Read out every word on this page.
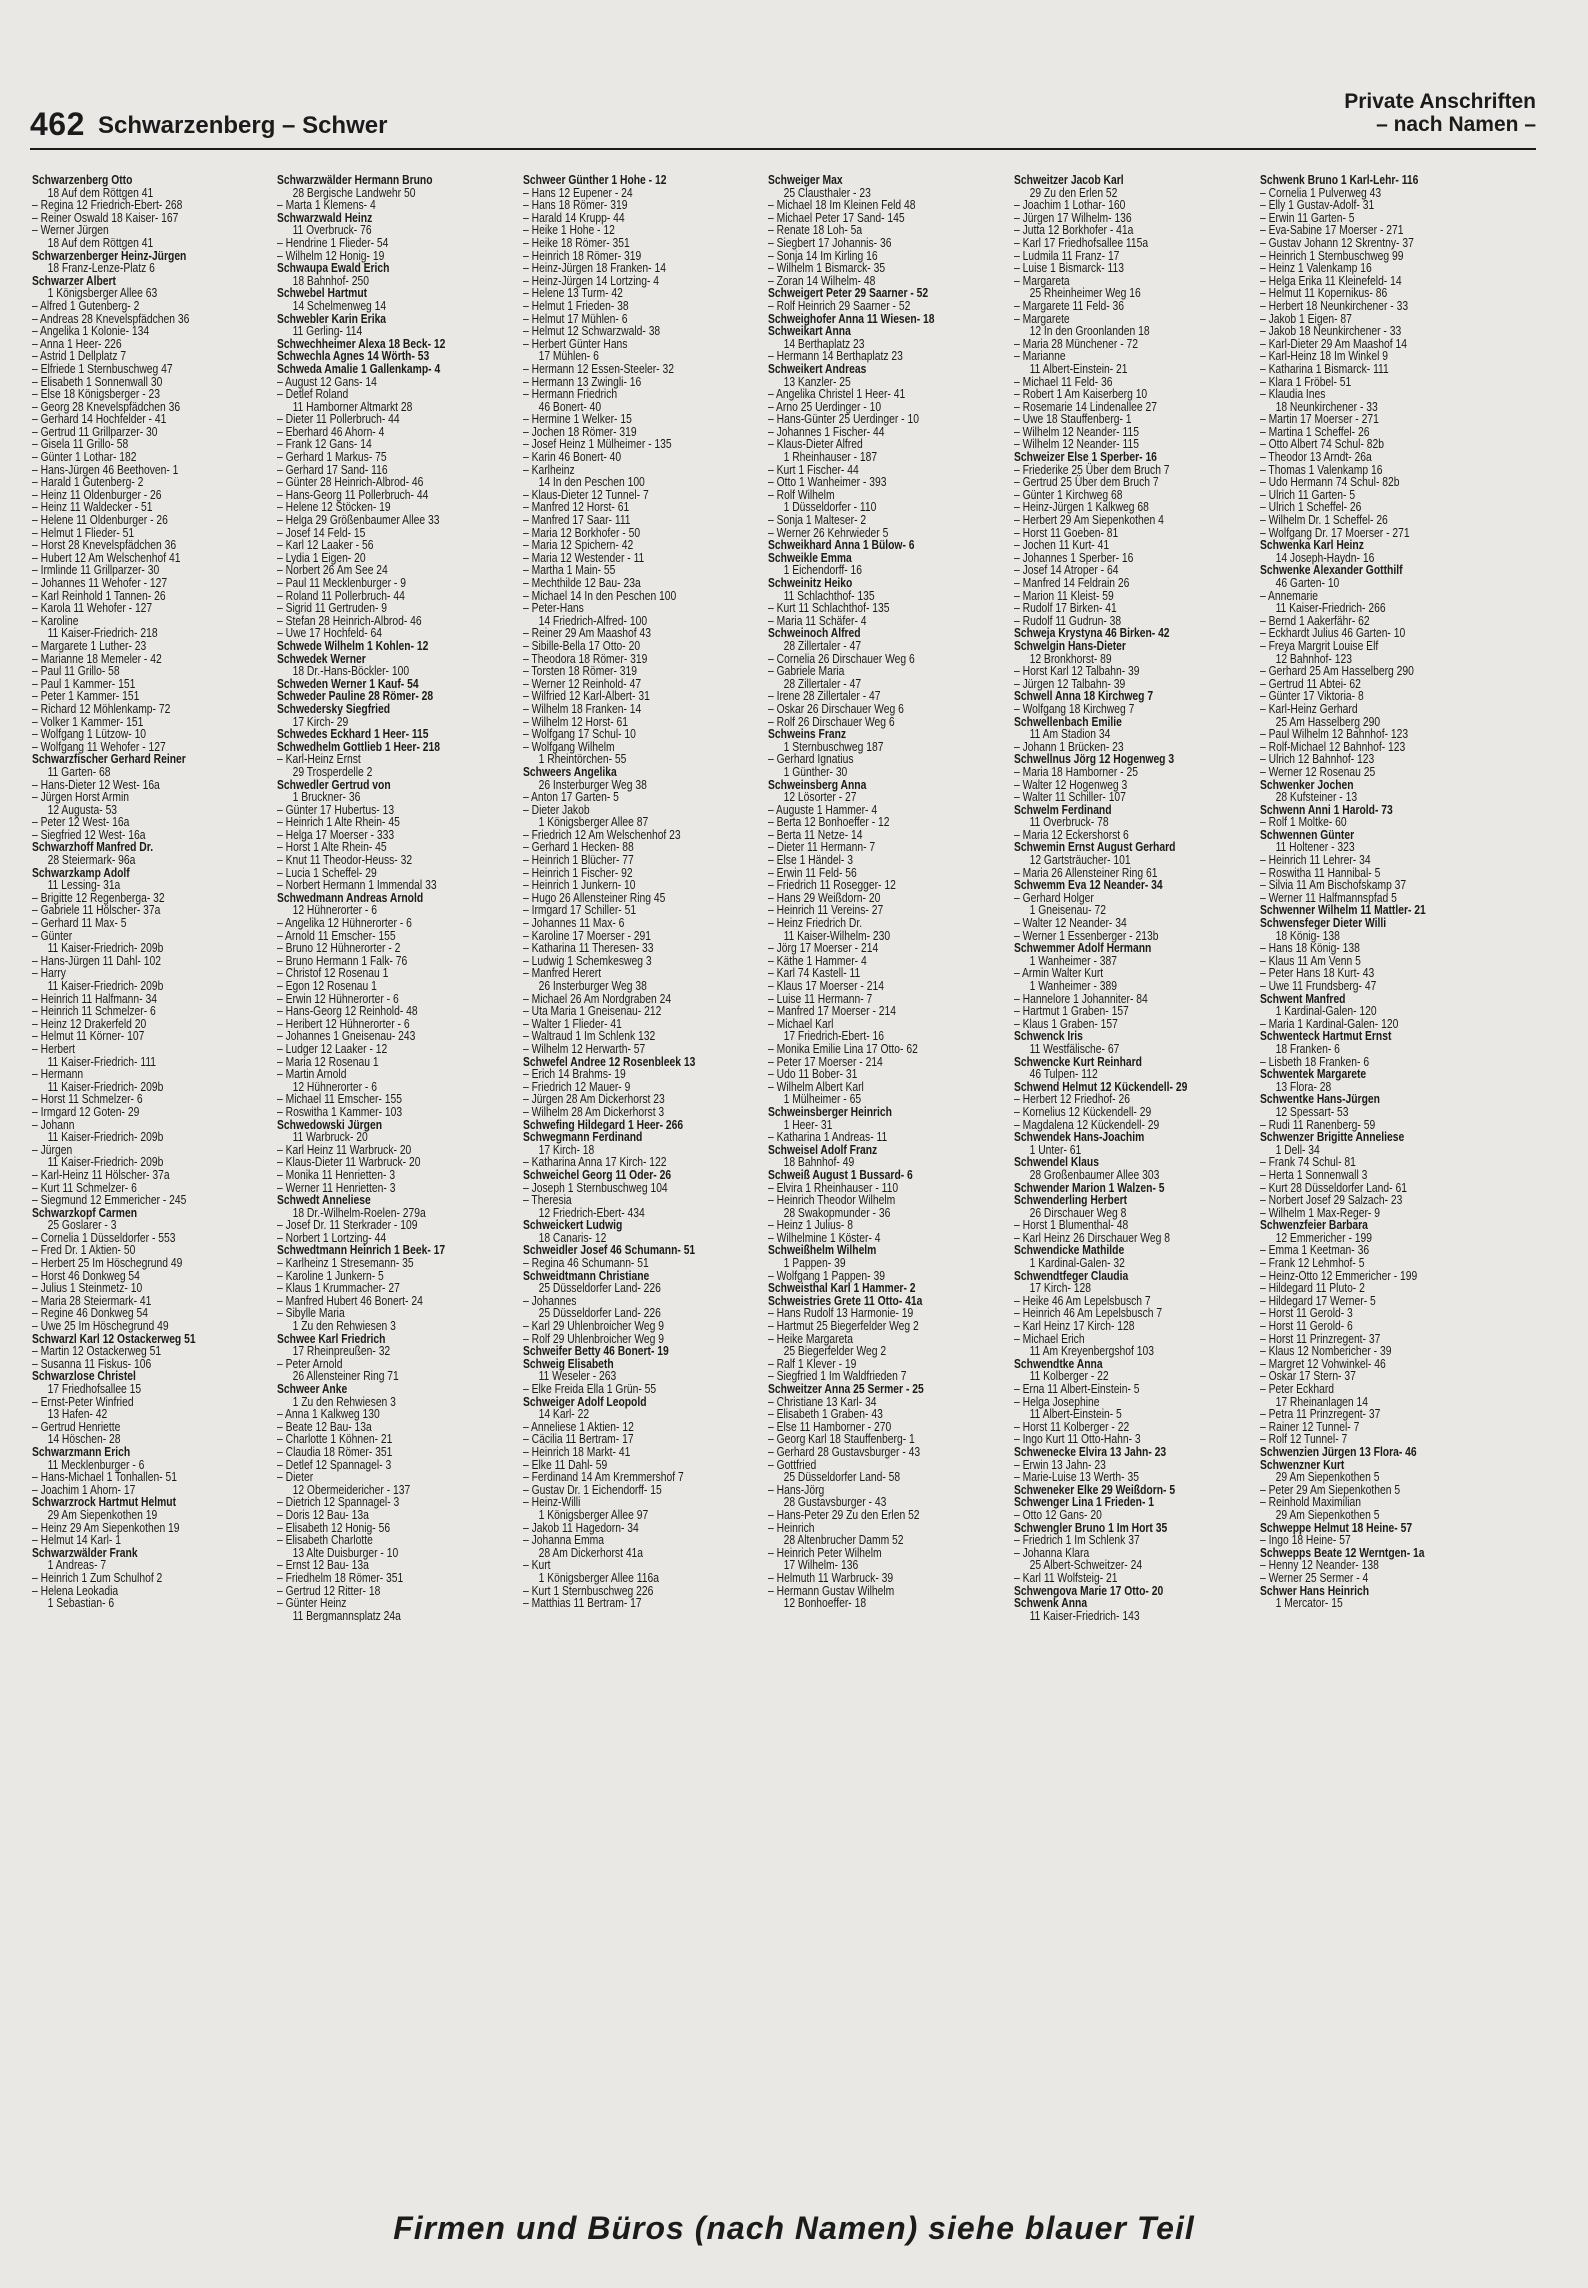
462 Schwarzenberg – Schwer
Private Anschriften
– nach Namen –
Schwarzenberg Otto
18 Auf dem Röttgen 41
– Regina 12 Friedrich-Ebert- 268
– Reiner Oswald 18 Kaiser- 167
– Werner Jürgen
18 Auf dem Röttgen 41
Schwarzenberger Heinz-Jürgen
18 Franz-Lenze-Platz 6
Schwarzer Albert
1 Königsberger Allee 63
– Alfred 1 Gutenberg- 2
– Andreas 28 Knevelspfädchen 36
– Angelika 1 Kolonie- 134
– Anna 1 Heer- 226
– Astrid 1 Dellplatz 7
– Elfriede 1 Sternbuschweg 47
– Elisabeth 1 Sonnenwall 30
– Else 18 Königsberger - 23
– Georg 28 Knevelspfädchen 36
– Gerhard 14 Hochfelder - 41
– Gertrud 11 Grillparzer- 30
– Gisela 11 Grillo- 58
– Günter 1 Lothar- 182
– Hans-Jürgen 46 Beethoven- 1
– Harald 1 Gutenberg- 2
– Heinz 11 Oldenburger - 26
– Heinz 11 Waldecker - 51
– Helene 11 Oldenburger - 26
– Helmut 1 Flieder- 51
– Horst 28 Knevelspfädchen 36
– Hubert 12 Am Welschenhof 41
– Irmlinde 11 Grillparzer- 30
– Johannes 11 Wehofer - 127
– Karl Reinhold 1 Tannen- 26
– Karola 11 Wehofer - 127
– Karoline
11 Kaiser-Friedrich- 218
– Margarete 1 Luther- 23
– Marianne 18 Memeler - 42
– Paul 11 Grillo- 58
– Paul 1 Kammer- 151
– Peter 1 Kammer- 151
– Richard 12 Möhlenkamp- 72
– Volker 1 Kammer- 151
– Wolfgang 1 Lützow- 10
– Wolfgang 11 Wehofer - 127
Schwarzfischer Gerhard Reiner
11 Garten- 68
– Hans-Dieter 12 West- 16a
– Jürgen Horst Armin
12 Augusta- 53
– Peter 12 West- 16a
– Siegfried 12 West- 16a
Schwarzhoff Manfred Dr.
28 Steiermark- 96a
Schwarzkamp Adolf
11 Lessing- 31a
– Brigitte 12 Regenberga- 32
– Gabriele 11 Hölscher- 37a
– Gerhard 11 Max- 5
– Günter
11 Kaiser-Friedrich- 209b
– Hans-Jürgen 11 Dahl- 102
– Harry
11 Kaiser-Friedrich- 209b
– Heinrich 11 Halfmann- 34
– Heinrich 11 Schmelzer- 6
– Heinz 12 Drakerfeld 20
– Helmut 11 Körner- 107
– Herbert
11 Kaiser-Friedrich- 111
– Hermann
11 Kaiser-Friedrich- 209b
– Horst 11 Schmelzer- 6
– Irmgard 12 Goten- 29
– Johann
11 Kaiser-Friedrich- 209b
– Jürgen
11 Kaiser-Friedrich- 209b
– Karl-Heinz 11 Hölscher- 37a
– Kurt 11 Schmelzer- 6
– Siegmund 12 Emmericher - 245
Schwarzkopf Carmen
25 Goslarer - 3
– Cornelia 1 Düsseldorfer - 553
– Fred Dr. 1 Aktien- 50
– Herbert 25 Im Höschegrund 49
– Horst 46 Donkweg 54
– Julius 1 Steinmetz- 10
– Maria 28 Steiermark- 41
– Regine 46 Donkweg 54
– Uwe 25 Im Höschegrund 49
Schwarzl Karl 12 Ostackerweg 51
– Martin 12 Ostackerweg 51
– Susanna 11 Fiskus- 106
Schwarzlose Christel
17 Friedhofsallee 15
– Ernst-Peter Winfried
13 Hafen- 42
– Gertrud Henriette
14 Höschen- 28
Schwarzmann Erich
11 Mecklenburger - 6
– Hans-Michael 1 Tonhallen- 51
– Joachim 1 Ahorn- 17
Schwarzrock Hartmut Helmut
29 Am Siepenkothen 19
– Heinz 29 Am Siepenkothen 19
– Helmut 14 Karl- 1
Schwarzwälder Frank
1 Andreas- 7
– Heinrich 1 Zum Schulhof 2
– Helena Leokadia
1 Sebastian- 6
Schwarzwälder Hermann Bruno
28 Bergische Landwehr 50
– Marta 1 Klemens- 4
Schwarzwald Heinz
11 Overbruck- 76
– Hendrine 1 Flieder- 54
– Wilhelm 12 Honig- 19
Schwaupa Ewald Erich
18 Bahnhof- 250
Schwebel Hartmut
14 Schelmenweg 14
Schwebler Karin Erika
11 Gerling- 114
Schwechheimer Alexa 18 Beck- 12
Schwechla Agnes 14 Wörth- 53
Schweda Amalie 1 Gallenkamp- 4
– August 12 Gans- 14
– Detlef Roland
11 Hamborner Altmarkt 28
– Dieter 11 Pollerbruch- 44
– Eberhard 46 Ahorn- 4
– Frank 12 Gans- 14
– Gerhard 1 Markus- 75
– Gerhard 17 Sand- 116
– Günter 28 Heinrich-Albrod- 46
– Hans-Georg 11 Pollerbruch- 44
– Helene 12 Stöcken- 19
– Helga 29 Größenbaumer Allee 33
– Josef 14 Feld- 15
– Karl 12 Laaker - 56
– Lydia 1 Eigen- 20
– Norbert 26 Am See 24
– Paul 11 Mecklenburger - 9
– Roland 11 Pollerbruch- 44
– Sigrid 11 Gertruden- 9
– Stefan 28 Heinrich-Albrod- 46
– Uwe 17 Hochfeld- 64
Schwede Wilhelm 1 Kohlen- 12
Schwedek Werner
18 Dr.-Hans-Böckler- 100
Schweden Werner 1 Kauf- 54
Schweder Pauline 28 Römer- 28
Schwedersky Siegfried
17 Kirch- 29
Schwedes Eckhard 1 Heer- 115
Schwedhelm Gottlieb 1 Heer- 218
– Karl-Heinz Ernst
29 Trosperdelle 2
Schwedler Gertrud von
1 Bruckner- 36
– Günter 17 Hubertus- 13
– Heinrich 1 Alte Rhein- 45
– Helga 17 Moerser - 333
– Horst 1 Alte Rhein- 45
– Knut 11 Theodor-Heuss- 32
– Lucia 1 Scheffel- 29
– Norbert Hermann 1 Immendal 33
Schwedmann Andreas Arnold
12 Hühnerorter - 6
– Angelika 12 Hühnerorter - 6
– Arnold 11 Emscher- 155
– Bruno 12 Hühnerorter - 2
– Bruno Hermann 1 Falk- 76
– Christof 12 Rosenau 1
– Egon 12 Rosenau 1
– Erwin 12 Hühnerorter - 6
– Hans-Georg 12 Reinhold- 48
– Heribert 12 Hühnerorter - 6
– Johannes 1 Gneisenau- 243
– Ludger 12 Laaker - 12
– Maria 12 Rosenau 1
– Martin Arnold
12 Hühnerorter - 6
– Michael 11 Emscher- 155
– Roswitha 1 Kammer- 103
Schwedowski Jürgen
11 Warbruck- 20
– Karl Heinz 11 Warbruck- 20
– Klaus-Dieter 11 Warbruck- 20
– Monika 11 Henrietten- 3
– Werner 11 Henrietten- 3
Schwedt Anneliese
18 Dr.-Wilhelm-Roelen- 279a
– Josef Dr. 11 Sterkrader - 109
– Norbert 1 Lortzing- 44
Schwedtmann Heinrich 1 Beek- 17
– Karlheinz 1 Stresemann- 35
– Karoline 1 Junkern- 5
– Klaus 1 Krummacher- 27
– Manfred Hubert 46 Bonert- 24
– Sibylle Maria
1 Zu den Rehwiesen 3
Schwee Karl Friedrich
17 Rheinpreußen- 32
– Peter Arnold
26 Allensteiner Ring 71
Schweer Anke
1 Zu den Rehwiesen 3
– Anna 1 Kalkweg 130
– Beate 12 Bau- 13a
– Charlotte 1 Köhnen- 21
– Claudia 18 Römer- 351
– Detlef 12 Spannagel- 3
– Dieter
12 Obermeidericher - 137
– Dietrich 12 Spannagel- 3
– Doris 12 Bau- 13a
– Elisabeth 12 Honig- 56
– Elisabeth Charlotte
13 Alte Duisburger - 10
– Ernst 12 Bau- 13a
– Friedhelm 18 Römer- 351
– Gertrud 12 Ritter- 18
– Günter Heinz
11 Bergmannsplatz 24a
Schweer Günther 1 Hohe - 12
– Hans 12 Eupener - 24
– Hans 18 Römer- 319
– Harald 14 Krupp- 44
– Heike 1 Hohe - 12
– Heike 18 Römer- 351
– Heinrich 18 Römer- 319
– Heinz-Jürgen 18 Franken- 14
– Heinz-Jürgen 14 Lortzing- 4
– Helene 13 Turm- 42
– Helmut 1 Frieden- 38
– Helmut 17 Mühlen- 6
– Helmut 12 Schwarzwald- 38
– Herbert Günter Hans
17 Mühlen- 6
– Hermann 12 Essen-Steeler- 32
– Hermann 13 Zwingli- 16
– Hermann Friedrich
46 Bonert- 40
– Hermine 1 Welker- 15
– Jochen 18 Römer- 319
– Josef Heinz 1 Mülheimer - 135
– Karin 46 Bonert- 40
– Karlheinz
14 In den Peschen 100
– Klaus-Dieter 12 Tunnel- 7
– Manfred 12 Horst- 61
– Manfred 17 Saar- 111
– Maria 12 Borkhofer - 50
– Maria 12 Spichern- 42
– Maria 12 Westender - 11
– Martha 1 Main- 55
– Mechthilde 12 Bau- 23a
– Michael 14 In den Peschen 100
– Peter-Hans
14 Friedrich-Alfred- 100
– Reiner 29 Am Maashof 43
– Sibille-Bella 17 Otto- 20
– Theodora 18 Römer- 319
– Torsten 18 Römer- 319
– Werner 12 Reinhold- 47
– Wilfried 12 Karl-Albert- 31
– Wilhelm 18 Franken- 14
– Wilhelm 12 Horst- 61
– Wolfgang 17 Schul- 10
– Wolfgang Wilhelm
1 Rheintörchen- 55
Schweers Angelika
26 Insterburger Weg 38
– Anton 17 Garten- 5
– Dieter Jakob
1 Königsberger Allee 87
– Friedrich 12 Am Welschenhof 23
– Gerhard 1 Hecken- 88
– Heinrich 1 Blücher- 77
– Heinrich 1 Fischer- 92
– Heinrich 1 Junkern- 10
– Hugo 26 Allensteiner Ring 45
– Irmgard 17 Schiller- 51
– Johannes 11 Max- 6
– Karoline 17 Moerser - 291
– Katharina 11 Theresen- 33
– Ludwig 1 Schemkesweg 3
– Manfred Herert
26 Insterburger Weg 38
– Michael 26 Am Nordgraben 24
– Uta Maria 1 Gneisenau- 212
– Walter 1 Flieder- 41
– Waltraud 1 Im Schlenk 132
– Wilhelm 12 Herwarth- 57
Schwefel Andree 12 Rosenbleek 13
– Erich 14 Brahms- 19
– Friedrich 12 Mauer- 9
– Jürgen 28 Am Dickerhorst 23
– Wilhelm 28 Am Dickerhorst 3
Schwefing Hildegard 1 Heer- 266
Schwegmann Ferdinand
17 Kirch- 18
– Katharina Anna 17 Kirch- 122
Schweichel Georg 11 Oder- 26
– Joseph 1 Sternbuschweg 104
– Theresia
12 Friedrich-Ebert- 434
Schweickert Ludwig
18 Canaris- 12
Schweidler Josef 46 Schumann- 51
– Regina 46 Schumann- 51
Schweidtmann Christiane
25 Düsseldorfer Land- 226
– Johannes
25 Düsseldorfer Land- 226
– Karl 29 Uhlenbroicher Weg 9
– Rolf 29 Uhlenbroicher Weg 9
Schweifer Betty 46 Bonert- 19
Schweig Elisabeth
11 Weseler - 263
– Elke Freida Ella 1 Grün- 55
Schweiger Adolf Leopold
14 Karl- 22
– Anneliese 1 Aktien- 12
– Cäcilia 11 Bertram- 17
– Heinrich 18 Markt- 41
– Elke 11 Dahl- 59
– Ferdinand 14 Am Kremmershof 7
– Gustav Dr. 1 Eichendorff- 15
– Heinz-Willi
1 Königsberger Allee 97
– Jakob 11 Hagedorn- 34
– Johanna Emma
28 Am Dickerhorst 41a
– Kurt
1 Königsberger Allee 116a
– Kurt 1 Sternbuschweg 226
– Matthias 11 Bertram- 17
Schweiger Max
25 Clausthaler - 23
– Michael 18 Im Kleinen Feld 48
– Michael Peter 17 Sand- 145
– Renate 18 Loh- 5a
– Siegbert 17 Johannis- 36
– Sonja 14 Im Kirling 16
– Wilhelm 1 Bismarck- 35
– Zoran 14 Wilhelm- 48
Schweigert Peter 29 Saarner - 52
– Rolf Heinrich 29 Saarner - 52
Schweighofer Anna 11 Wiesen- 18
Schweikart Anna
14 Berthaplatz 23
– Hermann 14 Berthaplatz 23
Schweikert Andreas
13 Kanzler- 25
– Angelika Christel 1 Heer- 41
– Arno 25 Uerdinger - 10
– Hans-Günter 25 Uerdinger - 10
– Johannes 1 Fischer- 44
– Klaus-Dieter Alfred
1 Rheinhauser - 187
– Kurt 1 Fischer- 44
– Otto 1 Wanheimer - 393
– Rolf Wilhelm
1 Düsseldorfer - 110
– Sonja 1 Malteser- 2
– Werner 26 Kehrwieder 5
Schweikhard Anna 1 Bülow- 6
Schweikle Emma
1 Eichendorff- 16
Schweinitz Heiko
11 Schlachthof- 135
– Kurt 11 Schlachthof- 135
– Maria 11 Schäfer- 4
Schweinoch Alfred
28 Zillertaler - 47
– Cornelia 26 Dirschauer Weg 6
– Gabriele Maria
28 Zillertaler - 47
– Irene 28 Zillertaler - 47
– Oskar 26 Dirschauer Weg 6
– Rolf 26 Dirschauer Weg 6
Schweins Franz
1 Sternbuschweg 187
– Gerhard Ignatius
1 Günther- 30
Schweinsberg Anna
12 Lösorter - 27
– Auguste 1 Hammer- 4
– Berta 12 Bonhoeffer - 12
– Berta 11 Netze- 14
– Dieter 11 Hermann- 7
– Else 1 Händel- 3
– Erwin 11 Feld- 56
– Friedrich 11 Rosegger- 12
– Hans 29 Weißdorn- 20
– Heinrich 11 Vereins- 27
– Heinz Friedrich Dr.
11 Kaiser-Wilhelm- 230
– Jörg 17 Moerser - 214
– Käthe 1 Hammer- 4
– Karl 74 Kastell- 11
– Klaus 17 Moerser - 214
– Luise 11 Hermann- 7
– Manfred 17 Moerser - 214
– Michael Karl
17 Friedrich-Ebert- 16
– Monika Emilie Lina 17 Otto- 62
– Peter 17 Moerser - 214
– Udo 11 Bober- 31
– Wilhelm Albert Karl
1 Mülheimer - 65
Schweinsberger Heinrich
1 Heer- 31
– Katharina 1 Andreas- 11
Schweisel Adolf Franz
18 Bahnhof- 49
Schweiß August 1 Bussard- 6
– Elvira 1 Rheinhauser - 110
– Heinrich Theodor Wilhelm
28 Swakopmunder - 36
– Heinz 1 Julius- 8
– Wilhelmine 1 Köster- 4
Schweißhelm Wilhelm
1 Pappen- 39
– Wolfgang 1 Pappen- 39
Schweisthal Karl 1 Hammer- 2
Schweistries Grete 11 Otto- 41a
– Hans Rudolf 13 Harmonie- 19
– Hartmut 25 Biegerfelder Weg 2
– Heike Margareta
25 Biegerfelder Weg 2
– Ralf 1 Klever - 19
– Siegfried 1 Im Waldfrieden 7
Schweitzer Anna 25 Sermer - 25
– Christiane 13 Karl- 34
– Elisabeth 1 Graben- 43
– Else 11 Hamborner - 270
– Georg Karl 18 Stauffenberg- 1
– Gerhard 28 Gustavsburger - 43
– Gottfried
25 Düsseldorfer Land- 58
– Hans-Jörg
28 Gustavsburger - 43
– Hans-Peter 29 Zu den Erlen 52
– Heinrich
28 Altenbrucher Damm 52
– Heinrich Peter Wilhelm
17 Wilhelm- 136
– Helmuth 11 Warbruck- 39
– Hermann Gustav Wilhelm
12 Bonhoeffer- 18
Schweitzer Jacob Karl
29 Zu den Erlen 52
– Joachim 1 Lothar- 160
– Jürgen 17 Wilhelm- 136
– Jutta 12 Borkhofer - 41a
– Karl 17 Friedhofsallee 115a
– Ludmila 11 Franz- 17
– Luise 1 Bismarck- 113
– Margareta
25 Rheinheimer Weg 16
– Margarete 11 Feld- 36
– Margarete
12 In den Groonlanden 18
– Maria 28 Münchener - 72
– Marianne
11 Albert-Einstein- 21
– Michael 11 Feld- 36
– Robert 1 Am Kaiserberg 10
– Rosemarie 14 Lindenallee 27
– Uwe 18 Stauffenberg- 1
– Wilhelm 12 Neander- 115
– Wilhelm 12 Neander- 115
Schweizer Else 1 Sperber- 16
– Friederike 25 Über dem Bruch 7
– Gertrud 25 Über dem Bruch 7
– Günter 1 Kirchweg 68
– Heinz-Jürgen 1 Kalkweg 68
– Herbert 29 Am Siepenkothen 4
– Horst 11 Goeben- 81
– Jochen 11 Kurt- 41
– Johannes 1 Sperber- 16
– Josef 14 Atroper - 64
– Manfred 14 Feldrain 26
– Marion 11 Kleist- 59
– Rudolf 17 Birken- 41
– Rudolf 11 Gudrun- 38
Schweja Krystyna 46 Birken- 42
Schwelgin Hans-Dieter
12 Bronkhorst- 89
– Horst Karl 12 Talbahn- 39
– Jürgen 12 Talbahn- 39
Schwell Anna 18 Kirchweg 7
– Wolfgang 18 Kirchweg 7
Schwellenbach Emilie
11 Am Stadion 34
– Johann 1 Brücken- 23
Schwellnus Jörg 12 Hogenweg 3
– Maria 18 Hamborner - 25
– Walter 12 Hogenweg 3
– Walter 11 Schiller- 107
Schwelm Ferdinand
11 Overbruck- 78
– Maria 12 Eckershorst 6
Schwemin Ernst August Gerhard
12 Gartsträucher- 101
– Maria 26 Allensteiner Ring 61
Schwemm Eva 12 Neander- 34
– Gerhard Holger
1 Gneisenau- 72
– Walter 12 Neander- 34
– Werner 1 Essenberger - 213b
Schwemmer Adolf Hermann
1 Wanheimer - 387
– Armin Walter Kurt
1 Wanheimer - 389
– Hannelore 1 Johanniter- 84
– Hartmut 1 Graben- 157
– Klaus 1 Graben- 157
Schwenck Iris
11 Westfälische- 67
Schwencke Kurt Reinhard
46 Tulpen- 112
Schwend Helmut 12 Kückendell- 29
– Herbert 12 Friedhof- 26
– Kornelius 12 Kückendell- 29
– Magdalena 12 Kückendell- 29
Schwendek Hans-Joachim
1 Unter- 61
Schwendel Klaus
28 Großenbaumer Allee 303
Schwender Marion 1 Walzen- 5
Schwenderling Herbert
26 Dirschauer Weg 8
– Horst 1 Blumenthal- 48
– Karl Heinz 26 Dirschauer Weg 8
Schwendicke Mathilde
1 Kardinal-Galen- 32
Schwendtfeger Claudia
17 Kirch- 128
– Heike 46 Am Lepelsbusch 7
– Heinrich 46 Am Lepelsbusch 7
– Karl Heinz 17 Kirch- 128
– Michael Erich
11 Am Kreyenbergshof 103
Schwendtke Anna
11 Kolberger - 22
– Erna 11 Albert-Einstein- 5
– Helga Josephine
11 Albert-Einstein- 5
– Horst 11 Kolberger - 22
– Ingo Kurt 11 Otto-Hahn- 3
Schwenecke Elvira 13 Jahn- 23
– Erwin 13 Jahn- 23
– Marie-Luise 13 Werth- 35
Schweneker Elke 29 Weißdorn- 5
Schwenger Lina 1 Frieden- 1
– Otto 12 Gans- 20
Schwengler Bruno 1 Im Hort 35
– Friedrich 1 Im Schlenk 37
– Johanna Klara
25 Albert-Schweitzer- 24
– Karl 11 Wolfsteig- 21
Schwengova Marie 17 Otto- 20
Schwenk Anna
11 Kaiser-Friedrich- 143
Schwenk Bruno 1 Karl-Lehr- 116
– Cornelia 1 Pulverweg 43
– Elly 1 Gustav-Adolf- 31
– Erwin 11 Garten- 5
– Eva-Sabine 17 Moerser - 271
– Gustav Johann 12 Skrentny- 37
– Heinrich 1 Sternbuschweg 99
– Heinz 1 Valenkamp 16
– Helga Erika 11 Kleinefeld- 14
– Helmut 11 Kopernikus- 86
– Herbert 18 Neunkirchener - 33
– Jakob 1 Eigen- 87
– Jakob 18 Neunkirchener - 33
– Karl-Dieter 29 Am Maashof 14
– Karl-Heinz 18 Im Winkel 9
– Katharina 1 Bismarck- 111
– Klara 1 Fröbel- 51
– Klaudia Ines
18 Neunkirchener - 33
– Martin 17 Moerser - 271
– Martina 1 Scheffel- 26
– Otto Albert 74 Schul- 82b
– Theodor 13 Arndt- 26a
– Thomas 1 Valenkamp 16
– Udo Hermann 74 Schul- 82b
– Ulrich 11 Garten- 5
– Ulrich 1 Scheffel- 26
– Wilhelm Dr. 1 Scheffel- 26
– Wolfgang Dr. 17 Moerser - 271
Schwenka Karl Heinz
14 Joseph-Haydn- 16
Schwenke Alexander Gotthilf
46 Garten- 10
– Annemarie
11 Kaiser-Friedrich- 266
– Bernd 1 Aakerfähr- 62
– Eckhardt Julius 46 Garten- 10
– Freya Margrit Louise Elf
12 Bahnhof- 123
– Gerhard 25 Am Hasselberg 290
– Gertrud 11 Abtei- 62
– Günter 17 Viktoria- 8
– Karl-Heinz Gerhard
25 Am Hasselberg 290
– Paul Wilhelm 12 Bahnhof- 123
– Rolf-Michael 12 Bahnhof- 123
– Ulrich 12 Bahnhof- 123
– Werner 12 Rosenau 25
Schwenker Jochen
28 Kufsteiner - 13
Schwenn Anni 1 Harold- 73
– Rolf 1 Moltke- 60
Schwennen Günter
11 Holtener - 323
– Heinrich 11 Lehrer- 34
– Roswitha 11 Hannibal- 5
– Silvia 11 Am Bischofskamp 37
– Werner 11 Halfmannspfad 5
Schwenner Wilhelm 11 Mattler- 21
Schwensfeger Dieter Willi
18 König- 138
– Hans 18 König- 138
– Klaus 11 Am Venn 5
– Peter Hans 18 Kurt- 43
– Uwe 11 Frundsberg- 47
Schwent Manfred
1 Kardinal-Galen- 120
– Maria 1 Kardinal-Galen- 120
Schwenteck Hartmut Ernst
18 Franken- 6
– Lisbeth 18 Franken- 6
Schwentek Margarete
13 Flora- 28
Schwentke Hans-Jürgen
12 Spessart- 53
– Rudi 11 Ranenberg- 59
Schwenzer Brigitte Anneliese
1 Dell- 34
– Frank 74 Schul- 81
– Herta 1 Sonnenwall 3
– Kurt 28 Düsseldorfer Land- 61
– Norbert Josef 29 Salzach- 23
– Wilhelm 1 Max-Reger- 9
Schwenzfeier Barbara
12 Emmericher - 199
– Emma 1 Keetman- 36
– Frank 12 Lehmhof- 5
– Heinz-Otto 12 Emmericher - 199
– Hildegard 11 Pluto- 2
– Hildegard 17 Werner- 5
– Horst 11 Gerold- 3
– Horst 11 Gerold- 6
– Horst 11 Prinzregent- 37
– Klaus 12 Nombericher - 39
– Margret 12 Vohwinkel- 46
– Oskar 17 Stern- 37
– Peter Eckhard
17 Rheinanlagen 14
– Petra 11 Prinzregent- 37
– Rainer 12 Tunnel- 7
– Rolf 12 Tunnel- 7
Schwenzien Jürgen 13 Flora- 46
Schwenzner Kurt
29 Am Siepenkothen 5
– Peter 29 Am Siepenkothen 5
– Reinhold Maximilian
29 Am Siepenkothen 5
Schweppe Helmut 18 Heine- 57
– Ingo 18 Heine- 57
Schwepps Beate 12 Werntgen- 1a
– Henny 12 Neander- 138
– Werner 25 Sermer - 4
Schwer Hans Heinrich
1 Mercator- 15
Firmen und Büros (nach Namen) siehe blauer Teil
